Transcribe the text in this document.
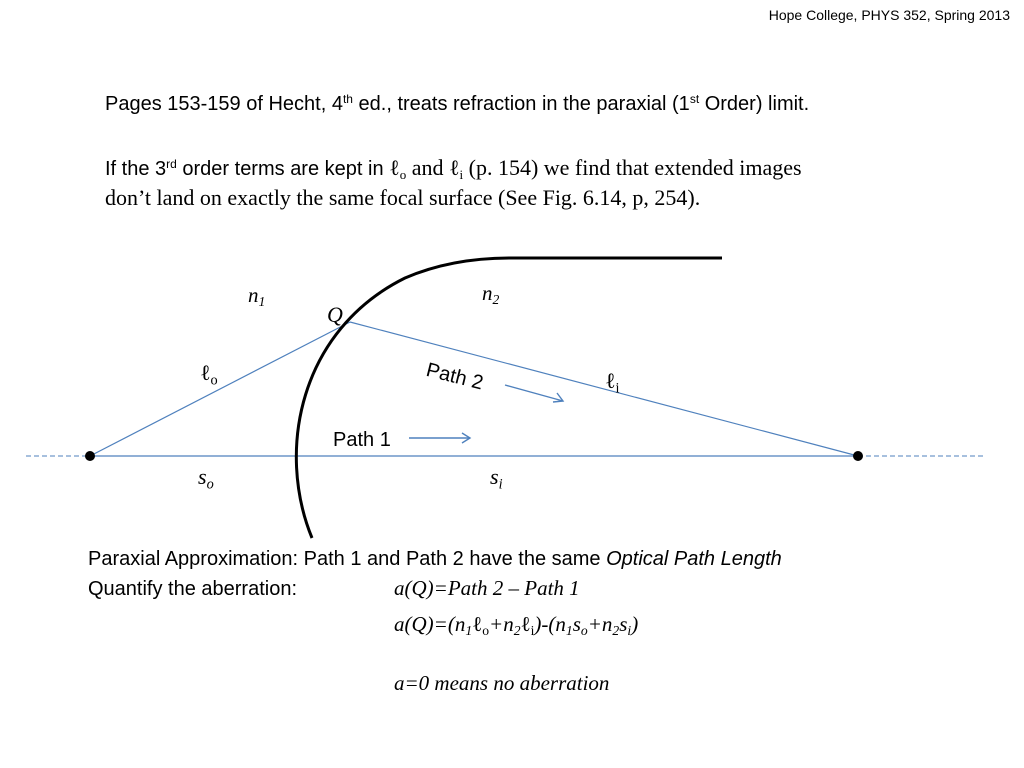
Hope College, PHYS 352, Spring 2013
Pages 153-159 of Hecht, 4th ed., treats refraction in the paraxial (1st Order) limit.
If the 3rd order terms are kept in ℓ$_o$ and ℓ$_i$ (p. 154) we find that extended images
don’t land on exactly the same focal surface (See Fig. 6.14, p, 254).
$n_1$	$n_2$
Q
ℓ$_o$	ℓ$_i$
Path 2
Path 1
$s_o$	$s_i$
Paraxial Approximation: Path 1 and Path 2 have the same Optical Path Length
Quantify the aberration:	a(Q)=Path 2 – Path 1
$a(Q)=(n_1\ell_o+n_2\ell_i)-(n_1s_o+n_2s_i)$
a=0 means no aberration
